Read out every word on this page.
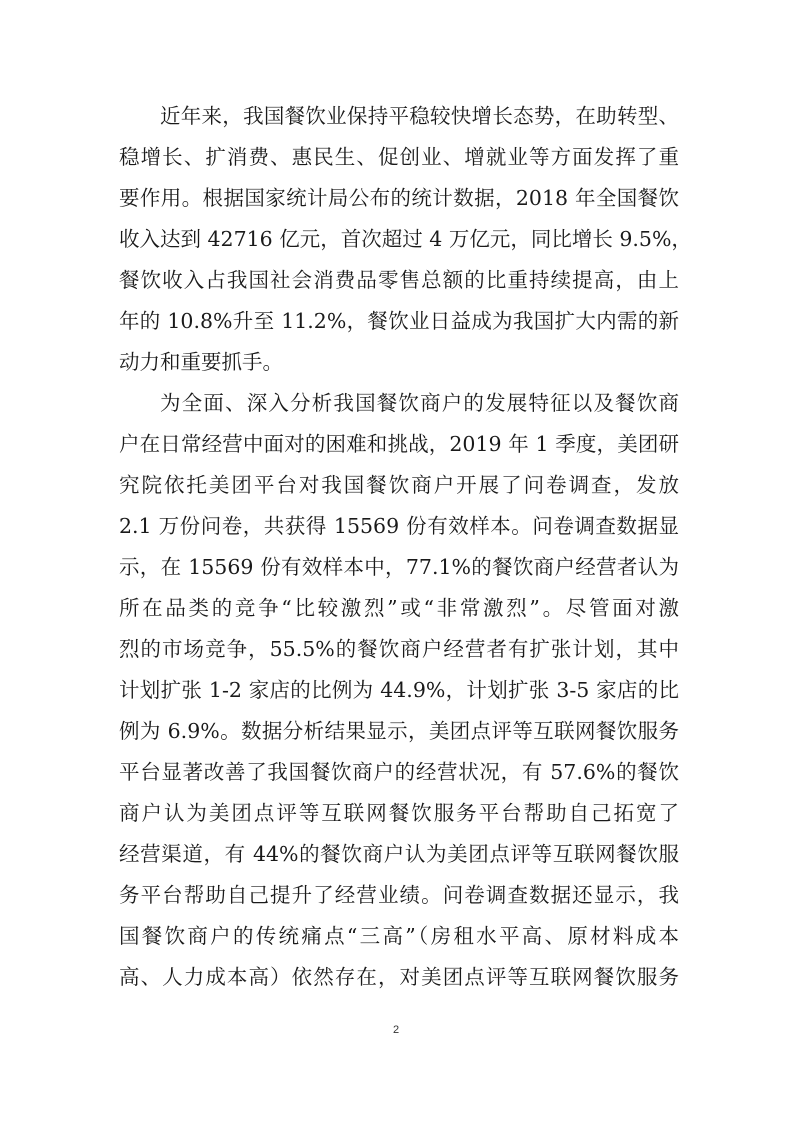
近年来，我国餐饮业保持平稳较快增长态势，在助转型、
稳增长、扩消费、惠民生、促创业、增就业等方面发挥了重
要作用。根据国家统计局公布的统计数据，2018 年全国餐饮
收入达到 42716 亿元，首次超过 4 万亿元，同比增长 9.5%，
餐饮收入占我国社会消费品零售总额的比重持续提高，由上
年的 10.8%升至 11.2%，餐饮业日益成为我国扩大内需的新
动力和重要抓手。
为全面、深入分析我国餐饮商户的发展特征以及餐饮商
户在日常经营中面对的困难和挑战，2019 年 1 季度，美团研
究院依托美团平台对我国餐饮商户开展了问卷调查，发放
2.1 万份问卷，共获得 15569 份有效样本。问卷调查数据显
示，在 15569 份有效样本中，77.1%的餐饮商户经营者认为
所在品类的竞争“比较激烈”或“非常激烈”。尽管面对激
烈的市场竞争，55.5%的餐饮商户经营者有扩张计划，其中
计划扩张 1-2 家店的比例为 44.9%，计划扩张 3-5 家店的比
例为 6.9%。数据分析结果显示，美团点评等互联网餐饮服务
平台显著改善了我国餐饮商户的经营状况，有 57.6%的餐饮
商户认为美团点评等互联网餐饮服务平台帮助自己拓宽了
经营渠道，有 44%的餐饮商户认为美团点评等互联网餐饮服
务平台帮助自己提升了经营业绩。问卷调查数据还显示，我
国餐饮商户的传统痛点“三高”（房租水平高、原材料成本
高、人力成本高）依然存在，对美团点评等互联网餐饮服务
2
